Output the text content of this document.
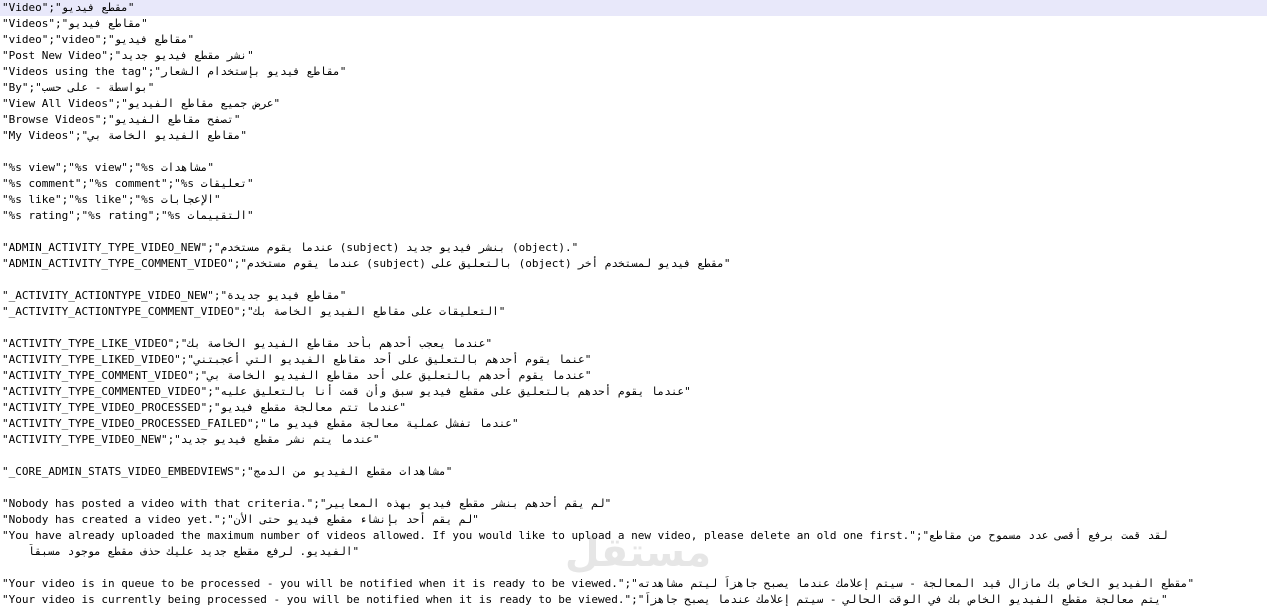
"Video";"مقطع فيديو"
"Videos";"مقاطع فيديو"
"video";"video";"مقاطع فيديو"
"Post New Video";"نشر مقطع فيديو جديد"
"Videos using the tag";"مقاطع فيديو بإستخدام الشعار"
"By";"بواسطة - على حسب"
"View All Videos";"عرض جميع مقاطع الفيديو"
"Browse Videos";"تصفح مقاطع الفيديو"
"My Videos";"مقاطع الفيديو الخاصة بي"
"%s view";"%s view";"%s مشاهدات"
"%s comment";"%s comment";"%s تعليقات"
"%s like";"%s like";"%s الإعجابات"
"%s rating";"%s rating";"%s التقييمات"
"ADMIN_ACTIVITY_TYPE_VIDEO_NEW";"عندما يقوم مستخدم (subject) بنشر فيديو جديد (object)."
"ADMIN_ACTIVITY_TYPE_COMMENT_VIDEO";"عندما يقوم مستخدم (subject) بالتعليق على (object) مقطع فيديو لمستخدم أخر"
"_ACTIVITY_ACTIONTYPE_VIDEO_NEW";"مقاطع فيديو جديدة"
"_ACTIVITY_ACTIONTYPE_COMMENT_VIDEO";"التعليقات على مقاطع الفيديو الخاصة بك"
"ACTIVITY_TYPE_LIKE_VIDEO";"عندما يعجب أحدهم بأحد مقاطع الفيديو الخاصة بك"
"ACTIVITY_TYPE_LIKED_VIDEO";"عنما يقوم أحدهم بالتعليق على أحد مقاطع الفيديو التي أعجبتني"
"ACTIVITY_TYPE_COMMENT_VIDEO";"عندما يقوم أحدهم بالتعليق على أحد مقاطع الفيديو الخاصة بي"
"ACTIVITY_TYPE_COMMENTED_VIDEO";"عندما يقوم أحدهم بالتعليق على مقطع فيديو سبق وأن قمت أنا بالتعليق عليه"
"ACTIVITY_TYPE_VIDEO_PROCESSED";"عندما تتم معالجة مقطع فيديو"
"ACTIVITY_TYPE_VIDEO_PROCESSED_FAILED";"عندما تفشل عملية معالجة مقطع فيديو ما"
"ACTIVITY_TYPE_VIDEO_NEW";"عندما يتم نشر مقطع فيديو جديد"
"_CORE_ADMIN_STATS_VIDEO_EMBEDVIEWS";"مشاهدات مقطع الفيديو من الدمج"
"Nobody has posted a video with that criteria.";"لم يقم أحدهم بنشر مقطع فيديو بهذه المعايير"
"Nobody has created a video yet.";"لم يقم أحد بإنشاء مقطع فيديو حتى الأن"
"You have already uploaded the maximum number of videos allowed. If you would like to upload a new video, please delete an old one first.";"لقد قمت برفع أقصى عدد مسموح من مقاطع
الفيديو. لرفع مقطع جديد عليك حذف مقطع موجود مسبقاً"
"Your video is in queue to be processed - you will be notified when it is ready to be viewed.";"مقطع الفيديو الخاص بك مازال قيد المعالجة - سيتم إعلامك عندما يصبح جاهزاً ليتم مشاهدته"
"Your video is currently being processed - you will be notified when it is ready to be viewed.";"يتم معالجة مقطع الفيديو الخاص بك في الوقت الحالي - سيتم إعلامك عندما يصبح جاهزاً"
مستقل
